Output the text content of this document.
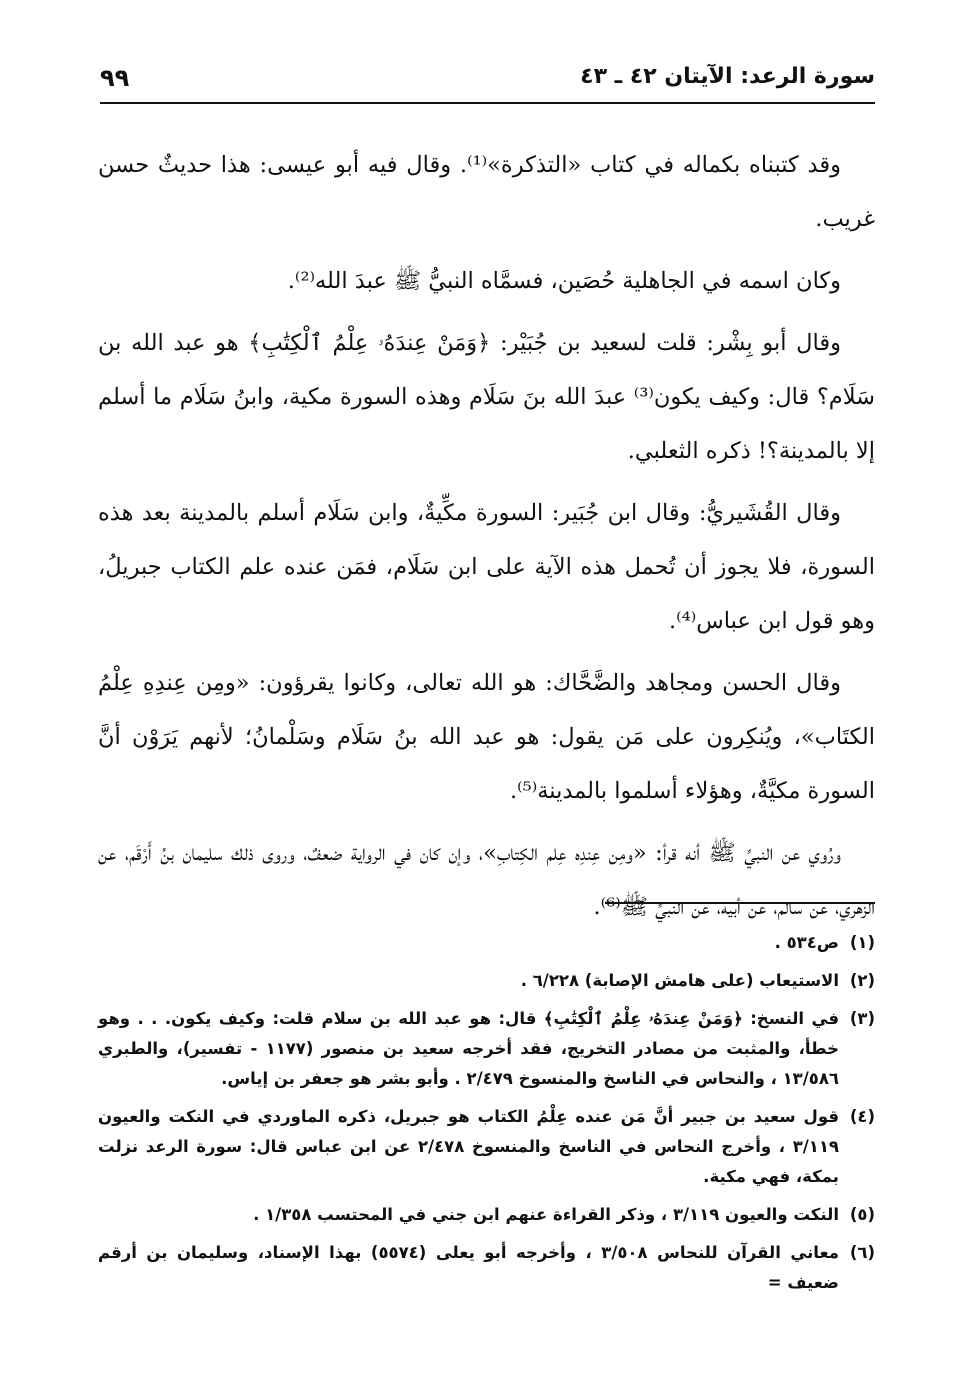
سورة الرعد: الآيتان ٤٢ ـ ٤٣
٩٩

وقد كتبناه بكماله في كتاب «التذكرة»⁽¹⁾. وقال فيه أبو عيسى: هذا حديثٌ حسن غريب.

وكان اسمه في الجاهلية حُصَين، فسمَّاه النبيُّ ﷺ عبدَ الله⁽²⁾.

وقال أبو بِشْر: قلت لسعيد بن جُبَيْر: ﴿وَمَنْ عِندَهُۥ عِلْمُ ٱلْكِتَٰبِ﴾ هو عبد الله بن سَلَام؟ قال: وكيف يكون⁽³⁾ عبدَ الله بنَ سَلَام وهذه السورة مكية، وابنُ سَلَام ما أسلم إلا بالمدينة؟! ذكره الثعلبي.

وقال القُشَيريُّ: وقال ابن جُبَير: السورة مكِّيةٌ، وابن سَلَام أسلم بالمدينة بعد هذه السورة، فلا يجوز أن تُحمل هذه الآية على ابن سَلَام، فمَن عنده علم الكتاب جبريلُ، وهو قول ابن عباس⁽⁴⁾.

وقال الحسن ومجاهد والضَّحَّاك: هو الله تعالى، وكانوا يقرؤون: «ومِن عِندِهِ عِلْمُ الكتَاب»، ويُنكِرون على مَن يقول: هو عبد الله بنُ سَلَام وسَلْمانُ؛ لأنهم يَرَوْن أنَّ السورة مكيَّةٌ، وهؤلاء أسلموا بالمدينة⁽⁵⁾.

ورُوي عن النبيِّ ﷺ أنه قرأ: «ومِن عِندِه عِلم الكِتابِ»، وإن كان في الرواية ضعفٌ، وروى ذلك سليمان بنُ أَرْقَم، عن الزهري، عن سالم، عن أبيه، عن النبيِّ ﷺ⁽⁶⁾.

(١)
ص٥٣٤ .
(٢)
الاستيعاب (على هامش الإصابة) ٦/٢٢٨ .
(٣)
في النسخ: ﴿وَمَنْ عِندَهُۥ عِلْمُ ٱلْكِتَٰبِ﴾ قال: هو عبد الله بن سلام قلت: وكيف يكون. . . وهو خطأ، والمثبت من مصادر التخريج، فقد أخرجه سعيد بن منصور (١١٧٧ - تفسير)، والطبري ١٣/٥٨٦ ، والنحاس في الناسخ والمنسوخ ٢/٤٧٩ . وأبو بشر هو جعفر بن إياس.
(٤)
قول سعيد بن جبير أنَّ مَن عنده عِلْمُ الكتاب هو جبريل، ذكره الماوردي في النكت والعيون ٣/١١٩ ، وأخرج النحاس في الناسخ والمنسوخ ٢/٤٧٨ عن ابن عباس قال: سورة الرعد نزلت بمكة، فهي مكية.
(٥)
النكت والعيون ٣/١١٩ ، وذكر القراءة عنهم ابن جني في المحتسب ١/٣٥٨ .
(٦)
معاني القرآن للنحاس ٣/٥٠٨ ، وأخرجه أبو يعلى (٥٥٧٤) بهذا الإسناد، وسليمان بن أرقم ضعيف =
